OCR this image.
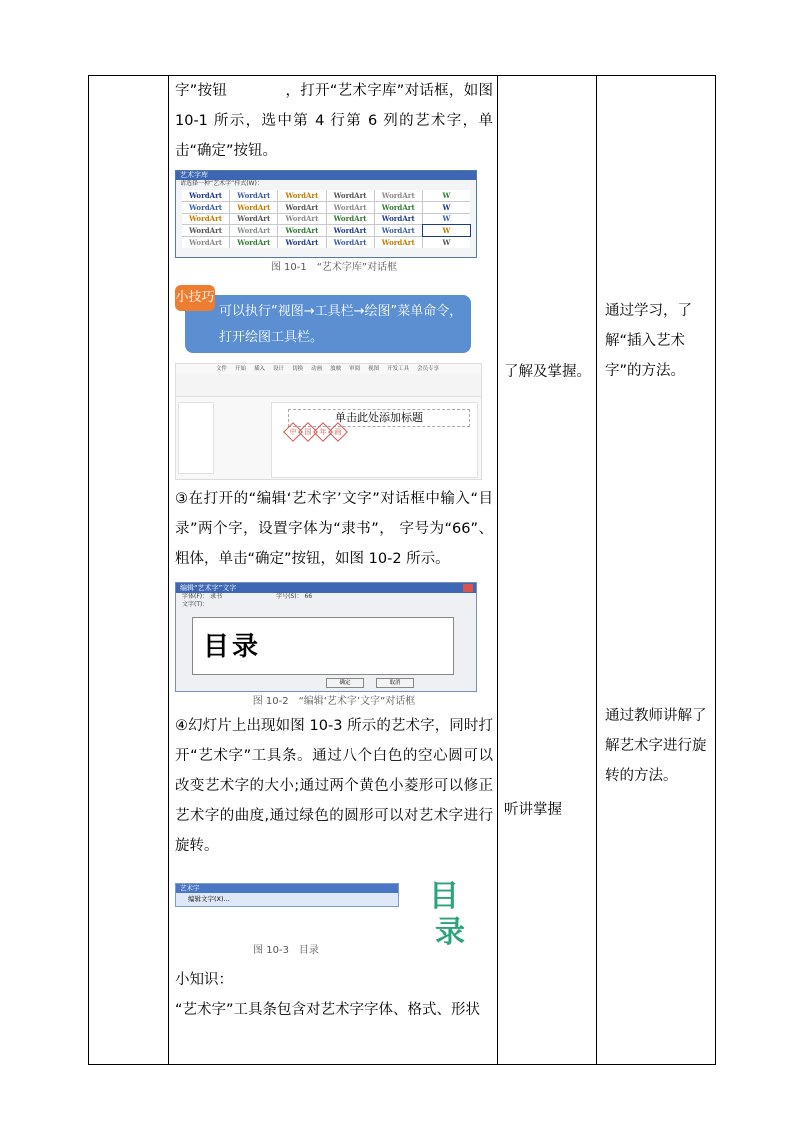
字”按钮	，打开“艺术字库”对话框，如图 10-1 所示，选中第 4 行第 6 列的艺术字，单击“确定”按钮。

艺术字库
请选择一种“艺术字”样式(W)：
WordArt	WordArt	WordArt	WordArt	WordArt	W
WordArt	WordArt	WordArt	WordArt	WordArt	W
WordArt	WordArt	WordArt	WordArt	WordArt	W
WordArt	WordArt	WordArt	WordArt	WordArt	W
WordArt	WordArt	WordArt	WordArt	WordArt	W
图 10-1　“艺术字库”对话框
可以执行“视图→工具栏→绘图”菜单命令，打开绘图工具栏。
小技巧
文件 开始 插入 设计 切换 动画 放映 审阅 视图 开发工具 会员专享
单击此处添加标题
中	国	年	画

③在打开的“编辑‘艺术字’文字”对话框中输入“目录”两个字，设置字体为“隶书”， 字号为“66”、粗体，单击“确定”按钮，如图 10-2 所示。

编辑“艺术字”文字
字体(F)： 隶书　　　　　　　　　	字号(S)： 66
文字(T)：
目录
确定	取消
图 10-2　“编辑‘艺术字’文字”对话框

④幻灯片上出现如图 10-3 所示的艺术字，同时打开“艺术字”工具条。通过八个白色的空心圆可以改变艺术字的大小;通过两个黄色小菱形可以修正艺术字的曲度,通过绿色的圆形可以对艺术字进行旋转。

艺术字
编辑文字(X)...	目
录
图 10-3　目录

小知识：

“艺术字”工具条包含对艺术字字体、格式、形状

了解及掌握。
听讲掌握

通过学习，了解“插入艺术字”的方法。
通过教师讲解了解艺术字进行旋转的方法。
